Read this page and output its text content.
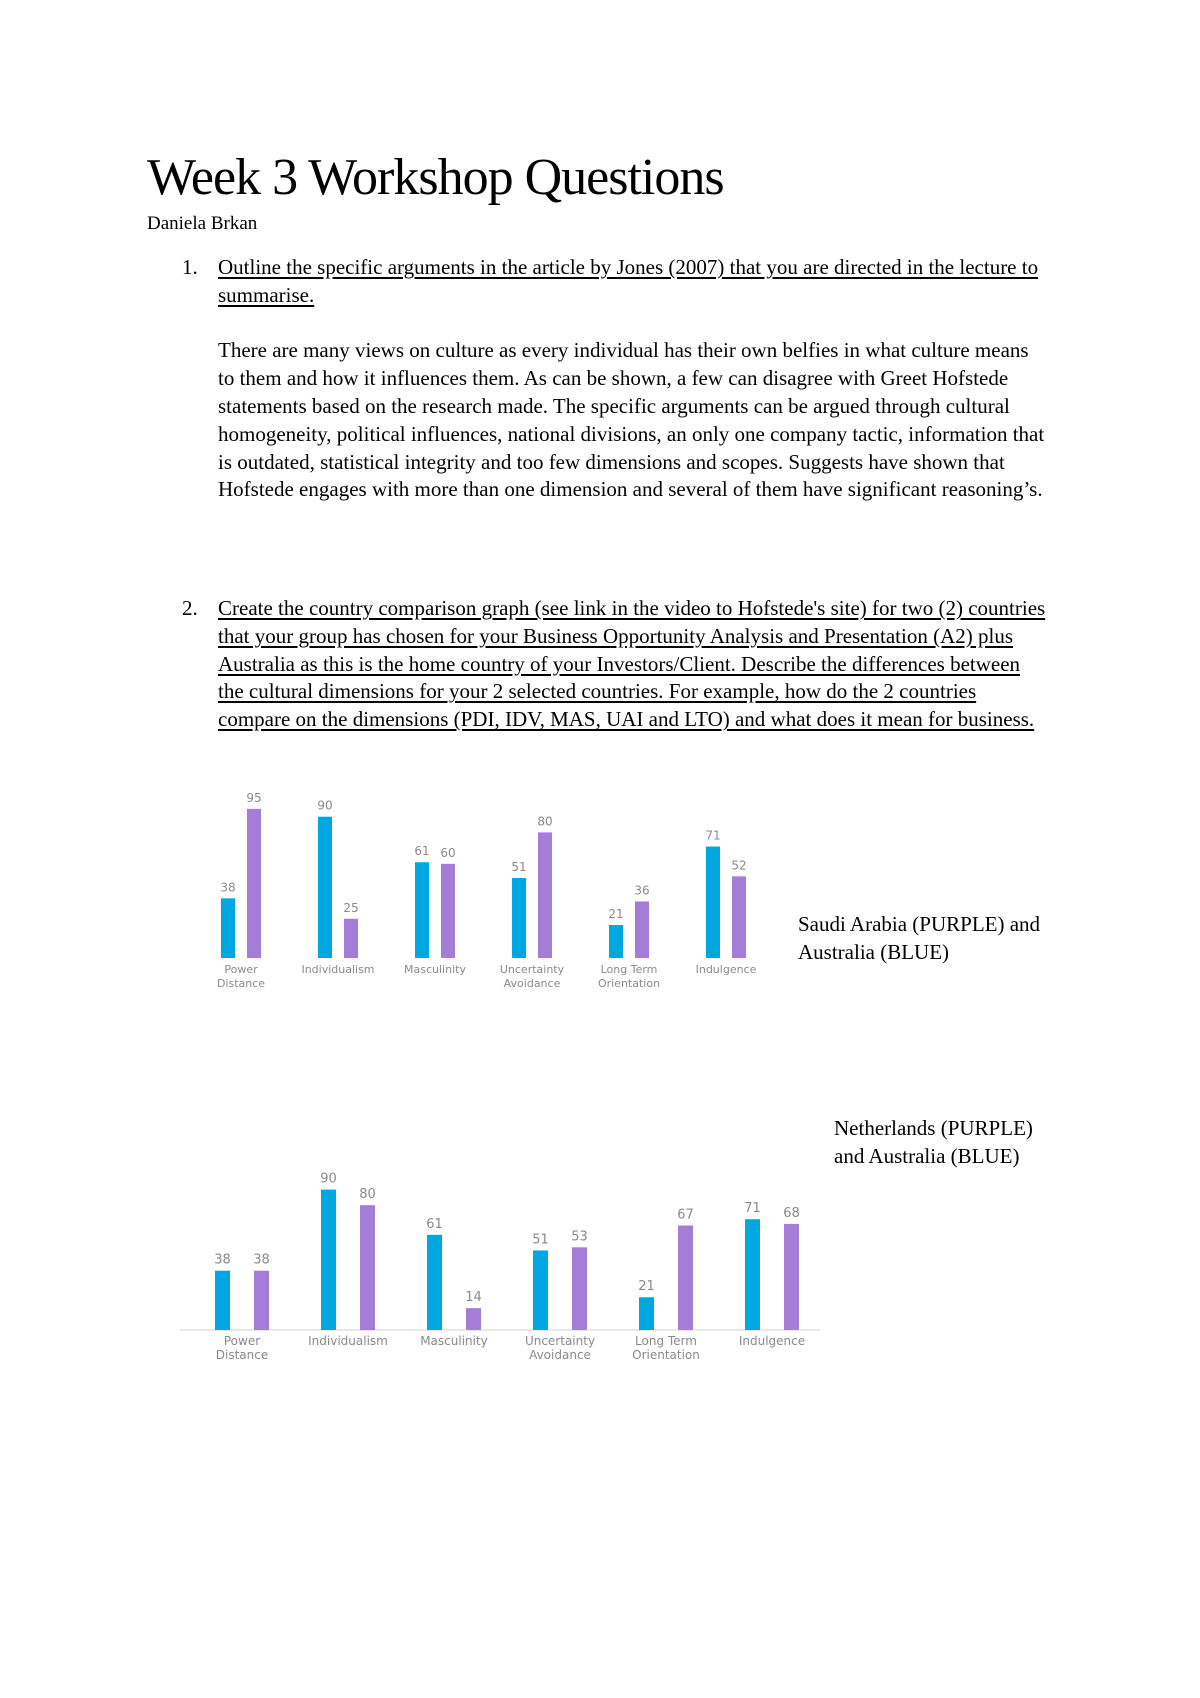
Week 3 Workshop Questions
Daniela Brkan
1. Outline the specific arguments in the article by Jones (2007) that you are directed in the lecture to summarise.
There are many views on culture as every individual has their own belfies in what culture means to them and how it influences them. As can be shown, a few can disagree with Greet Hofstede statements based on the research made. The specific arguments can be argued through cultural homogeneity, political influences, national divisions, an only one company tactic, information that is outdated, statistical integrity and too few dimensions and scopes. Suggests have shown that Hofstede engages with more than one dimension and several of them have significant reasoning’s.
2. Create the country comparison graph (see link in the video to Hofstede's site) for two (2) countries that your group has chosen for your Business Opportunity Analysis and Presentation (A2) plus Australia as this is the home country of your Investors/Client. Describe the differences between the cultural dimensions for your 2 selected countries. For example, how do the 2 countries compare on the dimensions (PDI, IDV, MAS, UAI and LTO) and what does it mean for business.
38
95
Power Distance
90
25
Individualism
61 60
Masculinity
51
80
Uncertainty Avoidance
21
36
Long Term Orientation
71
52
Indulgence
Saudi Arabia (PURPLE) and Australia (BLUE)
38 38
Power Distance
90
80
Individualism
61
14
Masculinity
51 53
Uncertainty Avoidance
21
67
Long Term Orientation
71 68
Indulgence
Netherlands (PURPLE) and Australia (BLUE)
